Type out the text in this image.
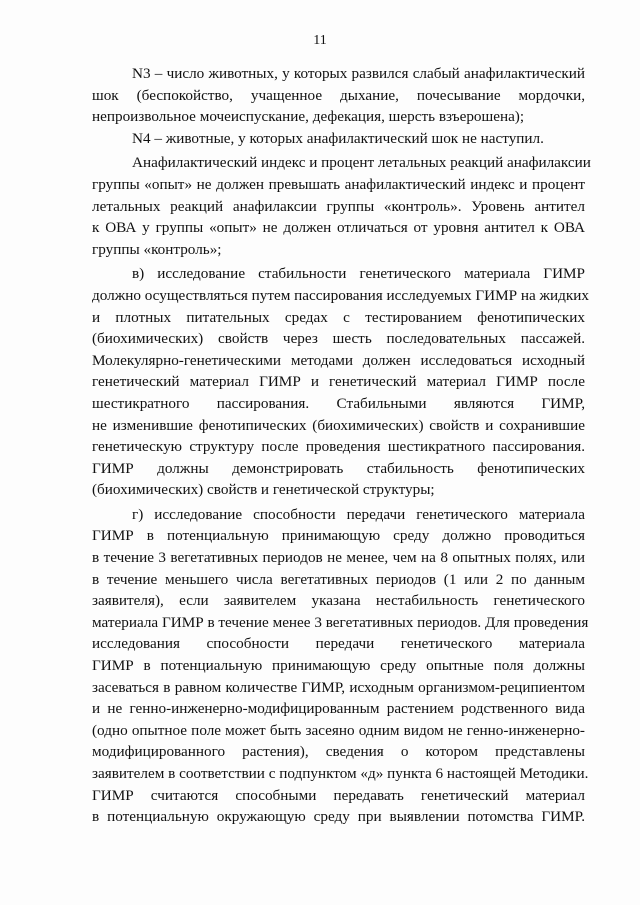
11
N3 – число животных, у которых развился слабый анафилактический
шок (беспокойство, учащенное дыхание, почесывание мордочки,
непроизвольное мочеиспускание, дефекация, шерсть взъерошена);
N4 – животные, у которых анафилактический шок не наступил.
Анафилактический индекс и процент летальных реакций анафилаксии
группы «опыт» не должен превышать анафилактический индекс и процент
летальных реакций анафилаксии группы «контроль». Уровень антител
к ОВА у группы «опыт» не должен отличаться от уровня антител к ОВА
группы «контроль»;
в) исследование стабильности генетического материала ГИМР
должно осуществляться путем пассирования исследуемых ГИМР на жидких
и плотных питательных средах с тестированием фенотипических
(биохимических) свойств через шесть последовательных пассажей.
Молекулярно-генетическими методами должен исследоваться исходный
генетический материал ГИМР и генетический материал ГИМР после
шестикратного пассирования. Стабильными являются ГИМР,
не изменившие фенотипических (биохимических) свойств и сохранившие
генетическую структуру после проведения шестикратного пассирования.
ГИМР должны демонстрировать стабильность фенотипических
(биохимических) свойств и генетической структуры;
г) исследование способности передачи генетического материала
ГИМР в потенциальную принимающую среду должно проводиться
в течение 3 вегетативных периодов не менее, чем на 8 опытных полях, или
в течение меньшего числа вегетативных периодов (1 или 2 по данным
заявителя), если заявителем указана нестабильность генетического
материала ГИМР в течение менее 3 вегетативных периодов. Для проведения
исследования способности передачи генетического материала
ГИМР в потенциальную принимающую среду опытные поля должны
засеваться в равном количестве ГИМР, исходным организмом-реципиентом
и не генно-инженерно-модифицированным растением родственного вида
(одно опытное поле может быть засеяно одним видом не генно-инженерно-
модифицированного растения), сведения о котором представлены
заявителем в соответствии с подпунктом «д» пункта 6 настоящей Методики.
ГИМР считаются способными передавать генетический материал
в потенциальную окружающую среду при выявлении потомства ГИМР.
